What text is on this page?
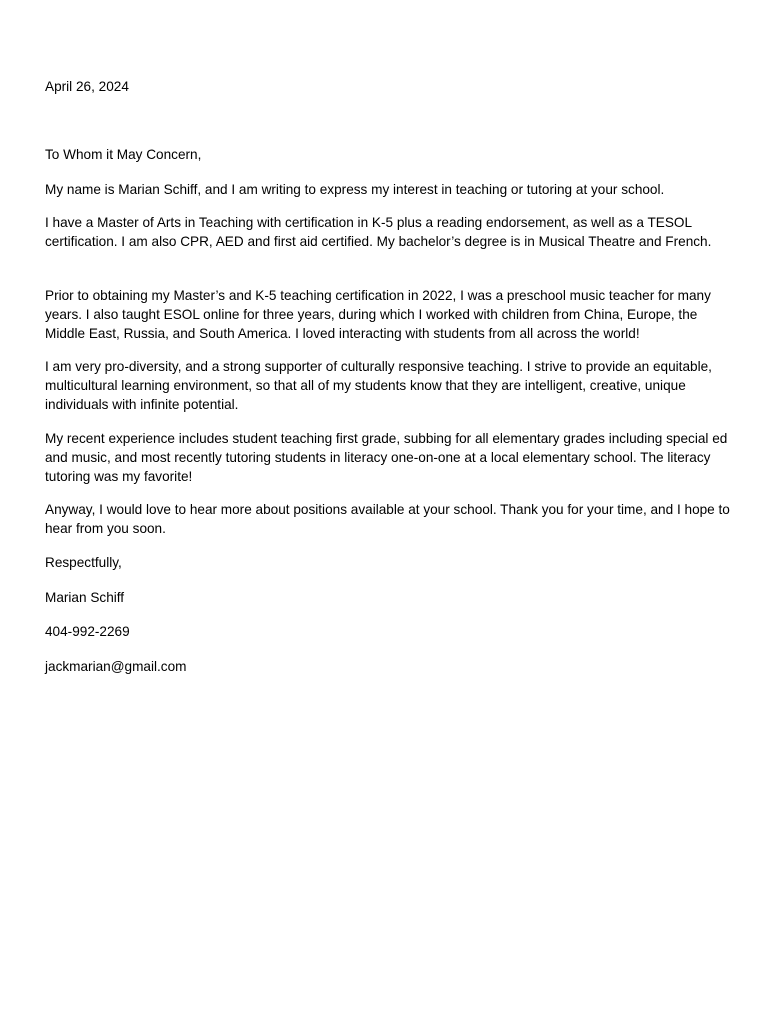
April 26, 2024

To Whom it May Concern,

My name is Marian Schiff, and I am writing to express my interest in teaching or tutoring at your school.

I have a Master of Arts in Teaching with certification in K-5 plus a reading endorsement, as well as a TESOL certification. I am also CPR, AED and first aid certified. My bachelor’s degree is in Musical Theatre and French.

Prior to obtaining my Master’s and K-5 teaching certification in 2022, I was a preschool music teacher for many years. I also taught ESOL online for three years, during which I worked with children from China, Europe, the Middle East, Russia, and South America. I loved interacting with students from all across the world!

I am very pro-diversity, and a strong supporter of culturally responsive teaching. I strive to provide an equitable, multicultural learning environment, so that all of my students know that they are intelligent, creative, unique individuals with infinite potential.

My recent experience includes student teaching first grade, subbing for all elementary grades including special ed and music, and most recently tutoring students in literacy one-on-one at a local elementary school. The literacy tutoring was my favorite!

Anyway, I would love to hear more about positions available at your school. Thank you for your time, and I hope to hear from you soon.

Respectfully,

Marian Schiff

404-992-2269

jackmarian@gmail.com
